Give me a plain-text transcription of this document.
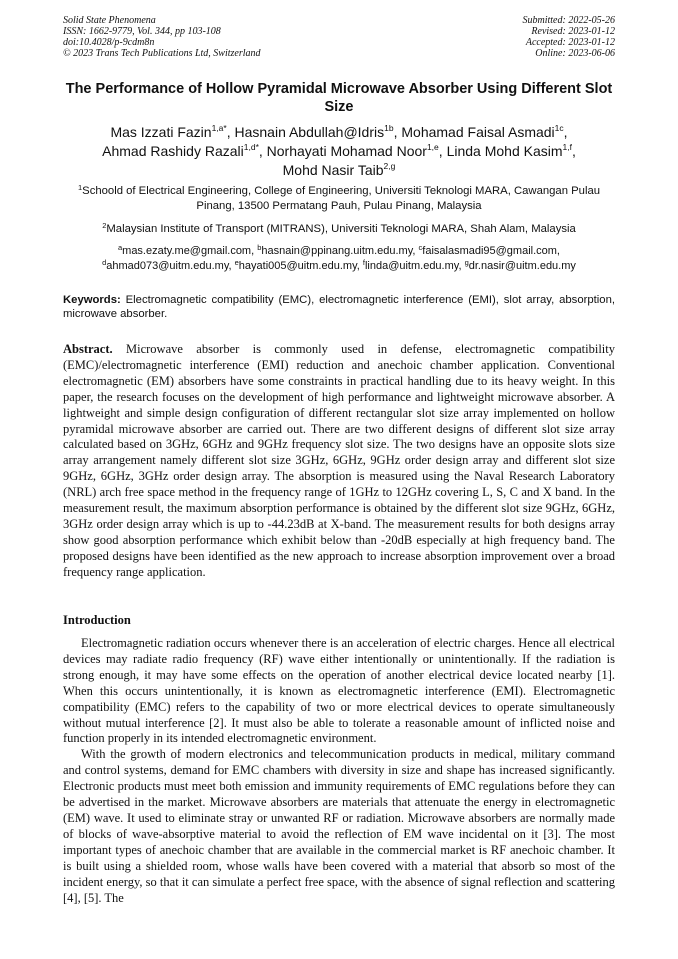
Solid State Phenomena
ISSN: 1662-9779, Vol. 344, pp 103-108
doi:10.4028/p-9cdm8n
© 2023 Trans Tech Publications Ltd, Switzerland
Submitted: 2022-05-26
Revised: 2023-01-12
Accepted: 2023-01-12
Online: 2023-06-06
The Performance of Hollow Pyramidal Microwave Absorber Using Different Slot Size
Mas Izzati Fazin$^{1,a*}$, Hasnain Abdullah@Idris$^{1b}$, Mohamad Faisal Asmadi$^{1c}$,
Ahmad Rashidy Razali$^{1,d*}$, Norhayati Mohamad Noor$^{1,e}$, Linda Mohd Kasim$^{1,f}$,
Mohd Nasir Taib$^{2,g}$
$^1$Schoold of Electrical Engineering, College of Engineering, Universiti Teknologi MARA, Cawangan Pulau Pinang, 13500 Permatang Pauh, Pulau Pinang, Malaysia
$^2$Malaysian Institute of Transport (MITRANS), Universiti Teknologi MARA, Shah Alam, Malaysia
$^a$mas.ezaty.me@gmail.com, $^b$hasnain@ppinang.uitm.edu.my, $^c$faisalasmadi95@gmail.com,
$^d$ahmad073@uitm.edu.my, $^e$hayati005@uitm.edu.my, $^f$linda@uitm.edu.my, $^g$dr.nasir@uitm.edu.my
Keywords: Electromagnetic compatibility (EMC), electromagnetic interference (EMI), slot array, absorption, microwave absorber.
Abstract. Microwave absorber is commonly used in defense, electromagnetic compatibility (EMC)/electromagnetic interference (EMI) reduction and anechoic chamber application. Conventional electromagnetic (EM) absorbers have some constraints in practical handling due to its heavy weight. In this paper, the research focuses on the development of high performance and lightweight microwave absorber. A lightweight and simple design configuration of different rectangular slot size array implemented on hollow pyramidal microwave absorber are carried out. There are two different designs of different slot size array calculated based on 3GHz, 6GHz and 9GHz frequency slot size. The two designs have an opposite slots size array arrangement namely different slot size 3GHz, 6GHz, 9GHz order design array and different slot size 9GHz, 6GHz, 3GHz order design array. The absorption is measured using the Naval Research Laboratory (NRL) arch free space method in the frequency range of 1GHz to 12GHz covering L, S, C and X band. In the measurement result, the maximum absorption performance is obtained by the different slot size 9GHz, 6GHz, 3GHz order design array which is up to -44.23dB at X-band. The measurement results for both designs array show good absorption performance which exhibit below than -20dB especially at high frequency band. The proposed designs have been identified as the new approach to increase absorption improvement over a broad frequency range application.
Introduction

Electromagnetic radiation occurs whenever there is an acceleration of electric charges. Hence all electrical devices may radiate radio frequency (RF) wave either intentionally or unintentionally. If the radiation is strong enough, it may have some effects on the operation of another electrical device located nearby [1]. When this occurs unintentionally, it is known as electromagnetic interference (EMI). Electromagnetic compatibility (EMC) refers to the capability of two or more electrical devices to operate simultaneously without mutual interference [2]. It must also be able to tolerate a reasonable amount of inflicted noise and function properly in its intended electromagnetic environment.

With the growth of modern electronics and telecommunication products in medical, military command and control systems, demand for EMC chambers with diversity in size and shape has increased significantly. Electronic products must meet both emission and immunity requirements of EMC regulations before they can be advertised in the market. Microwave absorbers are materials that attenuate the energy in electromagnetic (EM) wave. It used to eliminate stray or unwanted RF or radiation. Microwave absorbers are normally made of blocks of wave-absorptive material to avoid the reflection of EM wave incidental on it [3]. The most important types of anechoic chamber that are available in the commercial market is RF anechoic chamber. It is built using a shielded room, whose walls have been covered with a material that absorb so most of the incident energy, so that it can simulate a perfect free space, with the absence of signal reflection and scattering [4], [5]. The
